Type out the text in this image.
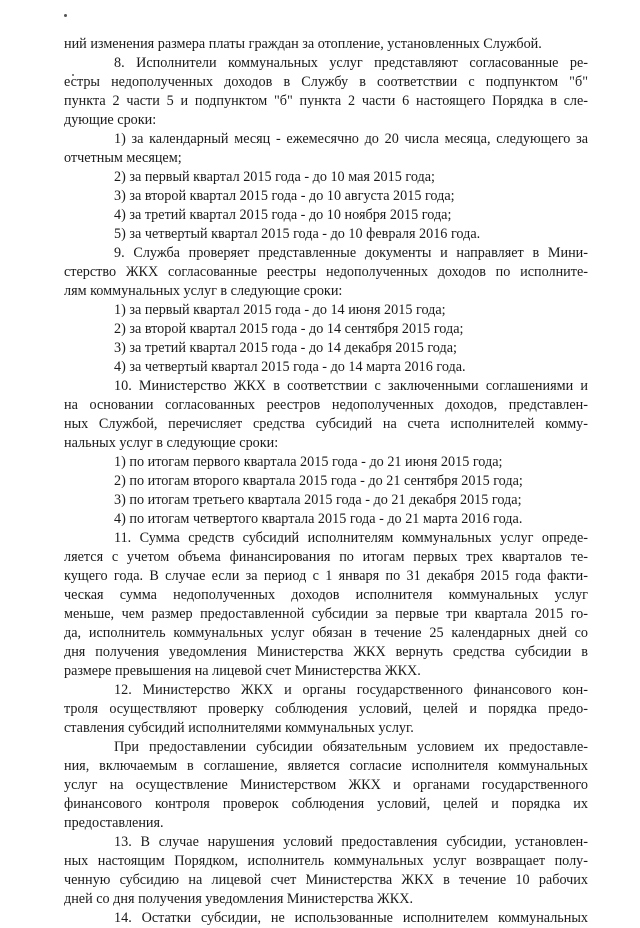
ний изменения размера платы граждан за отопление, установленных Службой.
8. Исполнители коммунальных услуг представляют согласованные ре-
естры недополученных доходов в Службу в соответствии с подпунктом "б"
пункта 2 части 5 и подпунктом "б" пункта 2 части 6 настоящего Порядка в сле-
дующие сроки:
1) за календарный месяц - ежемесячно до 20 числа месяца, следующего за
отчетным месяцем;
2) за первый квартал 2015 года - до 10 мая 2015 года;
3) за второй квартал 2015 года - до 10 августа 2015 года;
4) за третий квартал 2015 года - до 10 ноября 2015 года;
5) за четвертый квартал 2015 года - до 10 февраля 2016 года.
9. Служба проверяет представленные документы и направляет в Мини-
стерство ЖКХ согласованные реестры недополученных доходов по исполните-
лям коммунальных услуг в следующие сроки:
1) за первый квартал 2015 года - до 14 июня 2015 года;
2) за второй квартал 2015 года - до 14 сентября 2015 года;
3) за третий квартал 2015 года - до 14 декабря 2015 года;
4) за четвертый квартал 2015 года - до 14 марта 2016 года.
10. Министерство ЖКХ в соответствии с заключенными соглашениями и
на основании согласованных реестров недополученных доходов, представлен-
ных Службой, перечисляет средства субсидий на счета исполнителей комму-
нальных услуг в следующие сроки:
1) по итогам первого квартала 2015 года - до 21 июня 2015 года;
2) по итогам второго квартала 2015 года - до 21 сентября 2015 года;
3) по итогам третьего квартала 2015 года - до 21 декабря 2015 года;
4) по итогам четвертого квартала 2015 года - до 21 марта 2016 года.
11. Сумма средств субсидий исполнителям коммунальных услуг опреде-
ляется с учетом объема финансирования по итогам первых трех кварталов те-
кущего года. В случае если за период с 1 января по 31 декабря 2015 года факти-
ческая сумма недополученных доходов исполнителя коммунальных услуг
меньше, чем размер предоставленной субсидии за первые три квартала 2015 го-
да, исполнитель коммунальных услуг обязан в течение 25 календарных дней со
дня получения уведомления Министерства ЖКХ вернуть средства субсидии в
размере превышения на лицевой счет Министерства ЖКХ.
12. Министерство ЖКХ и органы государственного финансового кон-
троля осуществляют проверку соблюдения условий, целей и порядка предо-
ставления субсидий исполнителями коммунальных услуг.
При предоставлении субсидии обязательным условием их предоставле-
ния, включаемым в соглашение, является согласие исполнителя коммунальных
услуг на осуществление Министерством ЖКХ и органами государственного
финансового контроля проверок соблюдения условий, целей и порядка их
предоставления.
13. В случае нарушения условий предоставления субсидии, установлен-
ных настоящим Порядком, исполнитель коммунальных услуг возвращает полу-
ченную субсидию на лицевой счет Министерства ЖКХ в течение 10 рабочих
дней со дня получения уведомления Министерства ЖКХ.
14. Остатки субсидии, не использованные исполнителем коммунальных
